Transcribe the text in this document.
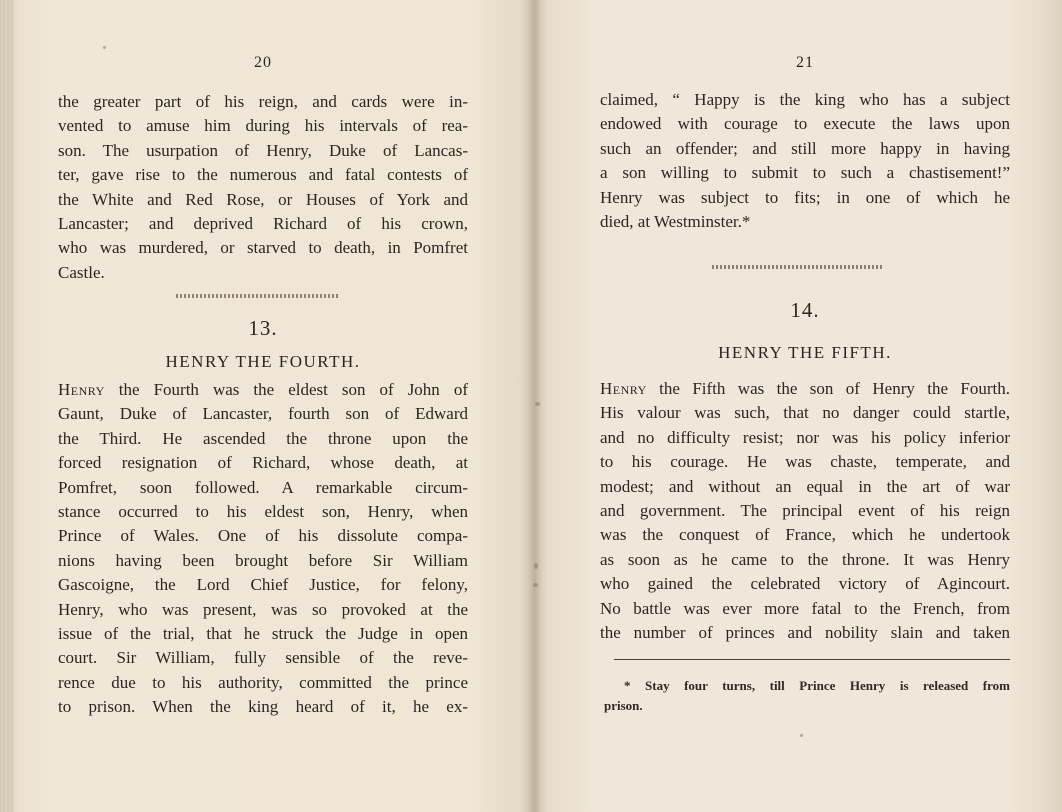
20
the greater part of his reign, and cards were in-
vented to amuse him during his intervals of rea-
son. The usurpation of Henry, Duke of Lancas-
ter, gave rise to the numerous and fatal contests of
the White and Red Rose, or Houses of York and
Lancaster; and deprived Richard of his crown,
who was murdered, or starved to death, in Pomfret
Castle.
13.
HENRY THE FOURTH.
Henry the Fourth was the eldest son of John of
Gaunt, Duke of Lancaster, fourth son of Edward
the Third. He ascended the throne upon the
forced resignation of Richard, whose death, at
Pomfret, soon followed. A remarkable circum-
stance occurred to his eldest son, Henry, when
Prince of Wales. One of his dissolute compa-
nions having been brought before Sir William
Gascoigne, the Lord Chief Justice, for felony,
Henry, who was present, was so provoked at the
issue of the trial, that he struck the Judge in open
court. Sir William, fully sensible of the reve-
rence due to his authority, committed the prince
to prison. When the king heard of it, he ex-
21
claimed, “ Happy is the king who has a subject
endowed with courage to execute the laws upon
such an offender; and still more happy in having
a son willing to submit to such a chastisement!”
Henry was subject to fits; in one of which he
died, at Westminster.*
14.
HENRY THE FIFTH.
Henry the Fifth was the son of Henry the Fourth.
His valour was such, that no danger could startle,
and no difficulty resist; nor was his policy inferior
to his courage. He was chaste, temperate, and
modest; and without an equal in the art of war
and government. The principal event of his reign
was the conquest of France, which he undertook
as soon as he came to the throne. It was Henry
who gained the celebrated victory of Agincourt.
No battle was ever more fatal to the French, from
the number of princes and nobility slain and taken
* Stay four turns, till Prince Henry is released from
prison.
